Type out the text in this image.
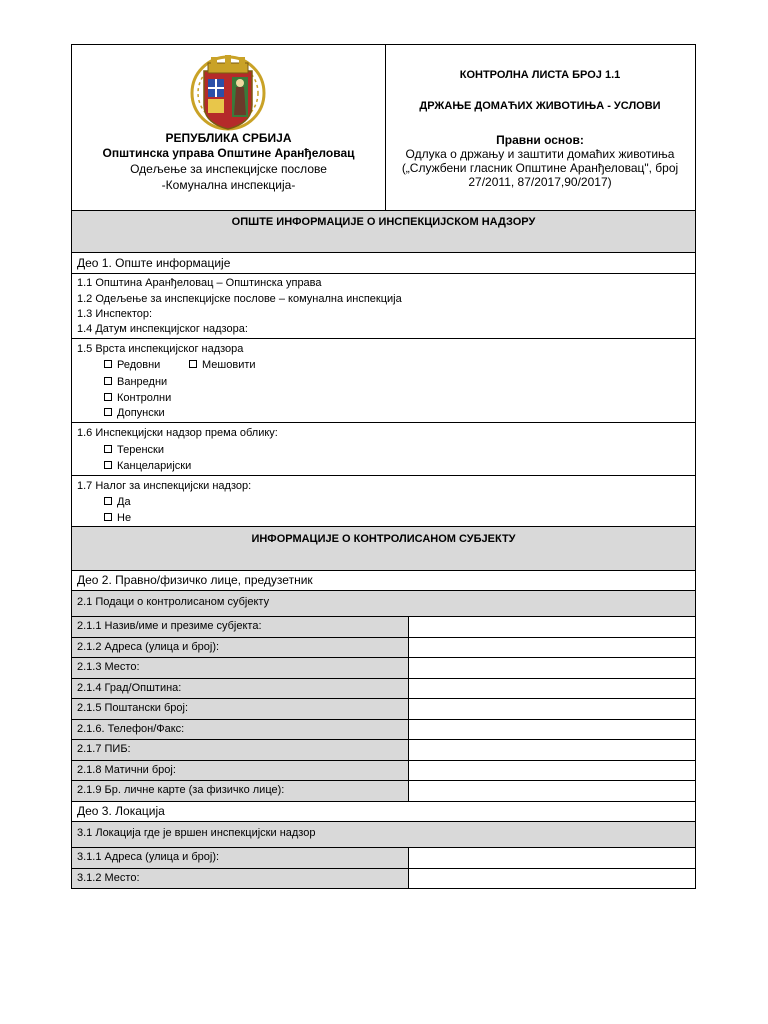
РЕПУБЛИКА СРБИЈА
Општинска управа Општине Аранђеловац
Одељење за инспекцијске послове
-Комунална инспекција-
КОНТРОЛНА ЛИСТА БРОЈ 1.1
ДРЖАЊЕ ДОМАЋИХ ЖИВОТИЊА - УСЛОВИ
Правни основ:
Одлука о држању и заштити домаћих животиња
(„Службени гласник Општине Аранђеловац", број
27/2011, 87/2017,90/2017)
ОПШТЕ ИНФОРМАЦИЈЕ О ИНСПЕКЦИЈСКОМ НАДЗОРУ
Део 1. Опште информације
1.1 Општина Аранђеловац – Општинска управа
1.2 Одељење за инспекцијске послове – комунална инспекција
1.3 Инспектор:
1.4 Датум инспекцијског надзора:
1.5 Врста инспекцијског надзора
Редовни	Мешовити
Ванредни
Контролни
Допунски
1.6 Инспекцијски надзор према облику:
Теренски
Канцеларијски
1.7 Налог за инспекцијски надзор:
Да
Не
ИНФОРМАЦИЈЕ О КОНТРОЛИСАНОМ СУБЈЕКТУ
Део 2. Правно/физичко лице, предузетник
2.1 Подаци о контролисаном субјекту
2.1.1 Назив/име и презиме субјекта:
2.1.2 Адреса (улица и број):
2.1.3 Место:
2.1.4 Град/Општина:
2.1.5 Поштански број:
2.1.6. Телефон/Факс:
2.1.7 ПИБ:
2.1.8 Матични број:
2.1.9 Бр. личне карте (за физичко лице):
Део 3. Локација
3.1 Локација где је вршен инспекцијски надзор
3.1.1 Адреса (улица и број):
3.1.2 Место:
